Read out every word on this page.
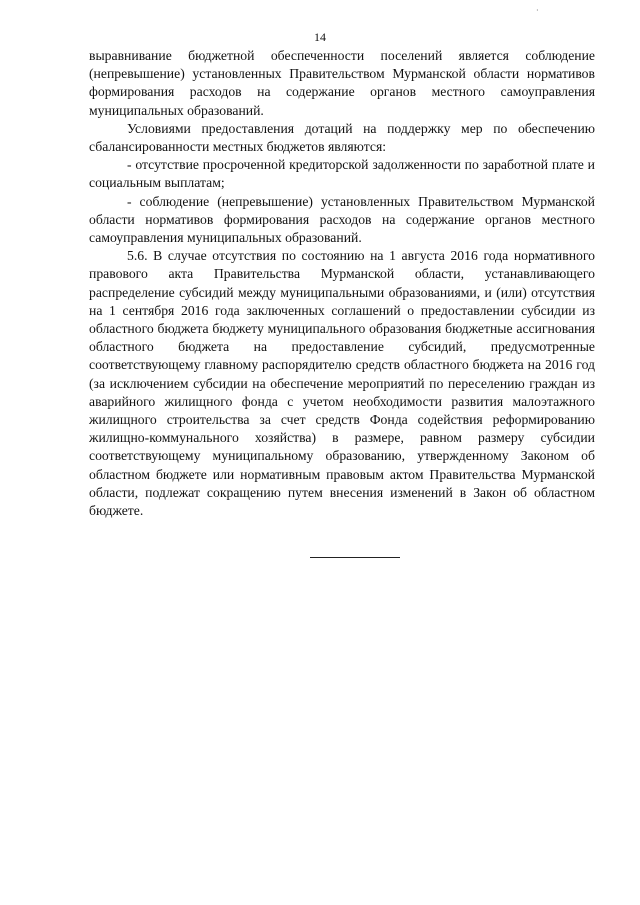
·
14

выравнивание бюджетной обеспеченности поселений является соблюдение (непревышение) установленных Правительством Мурманской области нормативов формирования расходов на содержание органов местного самоуправления муниципальных образований.

Условиями предоставления дотаций на поддержку мер по обеспечению сбалансированности местных бюджетов являются:

- отсутствие просроченной кредиторской задолженности по заработной плате и социальным выплатам;

- соблюдение (непревышение) установленных Правительством Мурманской области нормативов формирования расходов на содержание органов местного самоуправления муниципальных образований.

5.6. В случае отсутствия по состоянию на 1 августа 2016 года нормативного правового акта Правительства Мурманской области, устанавливающего распределение субсидий между муниципальными образованиями, и (или) отсутствия на 1 сентября 2016 года заключенных соглашений о предоставлении субсидии из областного бюджета бюджету муниципального образования бюджетные ассигнования областного бюджета на предоставление субсидий, предусмотренные соответствующему главному распорядителю средств областного бюджета на 2016 год (за исключением субсидии на обеспечение мероприятий по переселению граждан из аварийного жилищного фонда с учетом необходимости развития малоэтажного жилищного строительства за счет средств Фонда содействия реформированию жилищно-коммунального хозяйства) в размере, равном размеру субсидии соответствующему муниципальному образованию, утвержденному Законом об областном бюджете или нормативным правовым актом Правительства Мурманской области, подлежат сокращению путем внесения изменений в Закон об областном бюджете.
